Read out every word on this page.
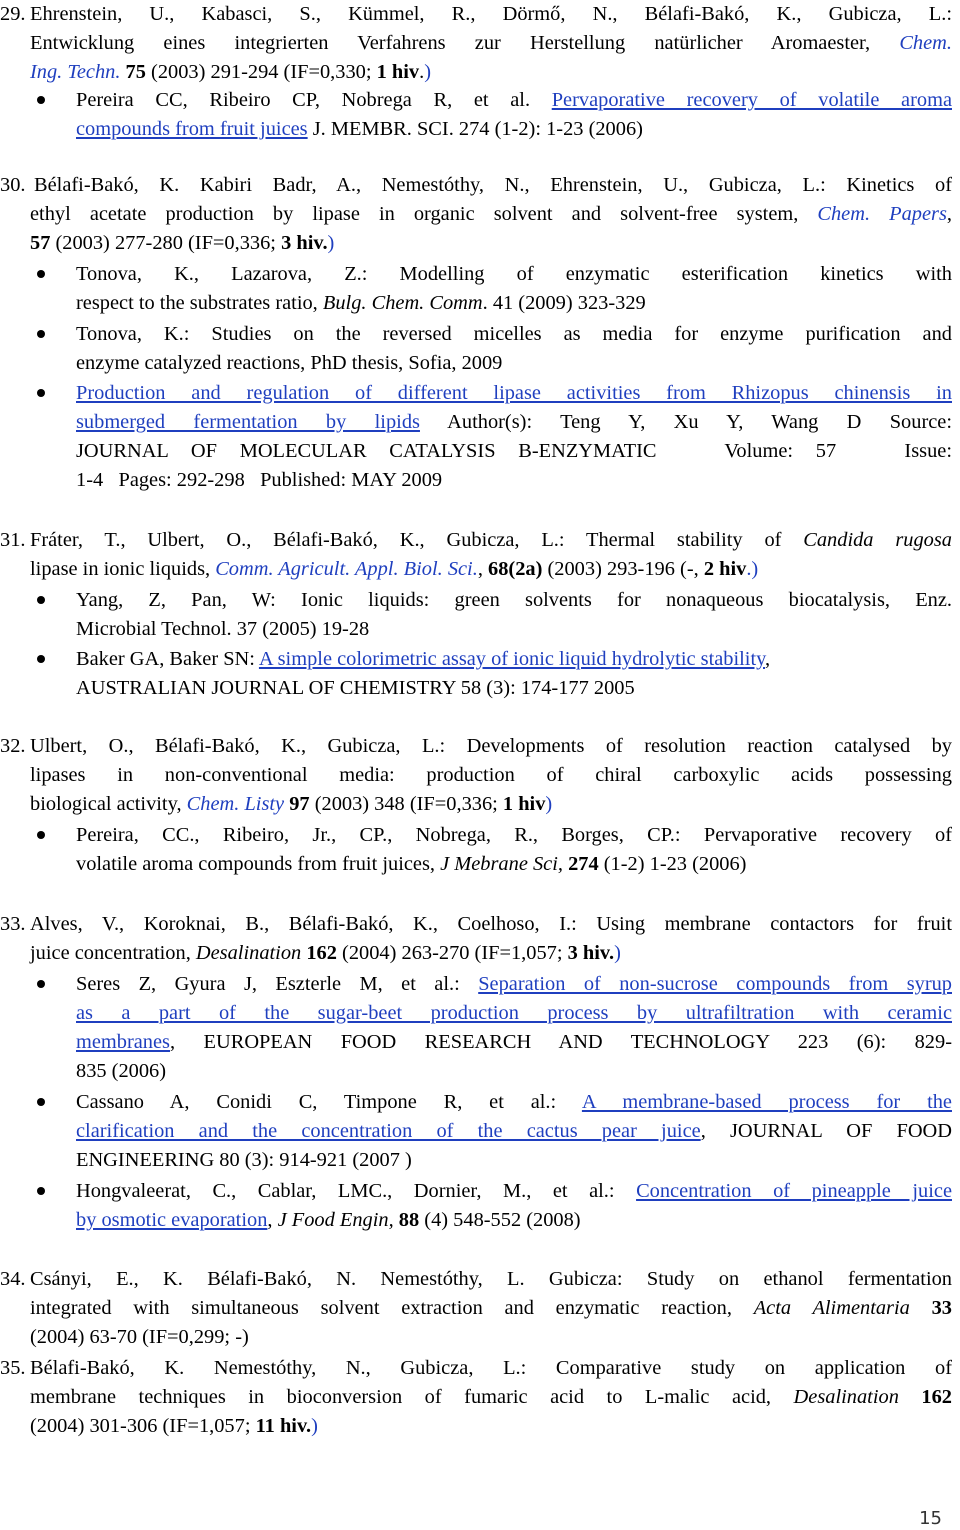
29. Ehrenstein, U., Kabasci, S., Kümmel, R., Dörmő, N., Bélafi-Bakó, K., Gubicza, L.:
Entwicklung eines integrierten Verfahrens zur Herstellung natürlicher Aromaester, Chem.
Ing. Techn. 75 (2003) 291-294 (IF=0,330; 1 hiv.)
Pereira CC, Ribeiro CP, Nobrega R, et al. Pervaporative recovery of volatile aroma
compounds from fruit juices J. MEMBR. SCI. 274 (1-2): 1-23 (2006)
30. Bélafi-Bakó, K. Kabiri Badr, A., Nemestóthy, N., Ehrenstein, U., Gubicza, L.: Kinetics of
ethyl acetate production by lipase in organic solvent and solvent-free system, Chem. Papers,
57 (2003) 277-280 (IF=0,336; 3 hiv.)
Tonova, K., Lazarova, Z.: Modelling of enzymatic esterification kinetics with
respect to the substrates ratio, Bulg. Chem. Comm. 41 (2009) 323-329
Tonova, K.: Studies on the reversed micelles as media for enzyme purification and
enzyme catalyzed reactions, PhD thesis, Sofia, 2009
Production and regulation of different lipase activities from Rhizopus chinensis in
submerged fermentation by lipids Author(s): Teng Y, Xu Y, Wang D Source:
JOURNAL OF MOLECULAR CATALYSIS B-ENZYMATIC   Volume: 57   Issue:
1-4   Pages: 292-298   Published: MAY 2009
31. Fráter, T., Ulbert, O., Bélafi-Bakó, K., Gubicza, L.: Thermal stability of Candida rugosa
lipase in ionic liquids, Comm. Agricult. Appl. Biol. Sci., 68(2a) (2003) 293-196 (-, 2 hiv.)
Yang, Z, Pan, W: Ionic liquids: green solvents for nonaqueous biocatalysis, Enz.
Microbial Technol. 37 (2005) 19-28
Baker GA, Baker SN: A simple colorimetric assay of ionic liquid hydrolytic stability,
AUSTRALIAN JOURNAL OF CHEMISTRY 58 (3): 174-177 2005
32. Ulbert, O., Bélafi-Bakó, K., Gubicza, L.: Developments of resolution reaction catalysed by
lipases in non-conventional media: production of chiral carboxylic acids possessing
biological activity, Chem. Listy 97 (2003) 348 (IF=0,336; 1 hiv)
Pereira, CC., Ribeiro, Jr., CP., Nobrega, R., Borges, CP.: Pervaporative recovery of
volatile aroma compounds from fruit juices, J Mebrane Sci, 274 (1-2) 1-23 (2006)
33. Alves, V., Koroknai, B., Bélafi-Bakó, K., Coelhoso, I.: Using membrane contactors for fruit
juice concentration, Desalination 162 (2004) 263-270 (IF=1,057; 3 hiv.)
Seres Z, Gyura J, Eszterle M, et al.: Separation of non-sucrose compounds from syrup
as a part of the sugar-beet production process by ultrafiltration with ceramic
membranes, EUROPEAN FOOD RESEARCH AND TECHNOLOGY 223 (6): 829-
835 (2006)
Cassano A, Conidi C, Timpone R, et al.: A membrane-based process for the
clarification and the concentration of the cactus pear juice, JOURNAL OF FOOD
ENGINEERING 80 (3): 914-921 (2007 )
Hongvaleerat, C., Cablar, LMC., Dornier, M., et al.: Concentration of pineapple juice
by osmotic evaporation, J Food Engin, 88 (4) 548-552 (2008)
34. Csányi, E., K. Bélafi-Bakó, N. Nemestóthy, L. Gubicza: Study on ethanol fermentation
integrated with simultaneous solvent extraction and enzymatic reaction, Acta Alimentaria 33
(2004) 63-70 (IF=0,299; -)
35. Bélafi-Bakó, K. Nemestóthy, N., Gubicza, L.: Comparative study on application of
membrane techniques in bioconversion of fumaric acid to L-malic acid, Desalination 162
(2004) 301-306 (IF=1,057; 11 hiv.)
15
